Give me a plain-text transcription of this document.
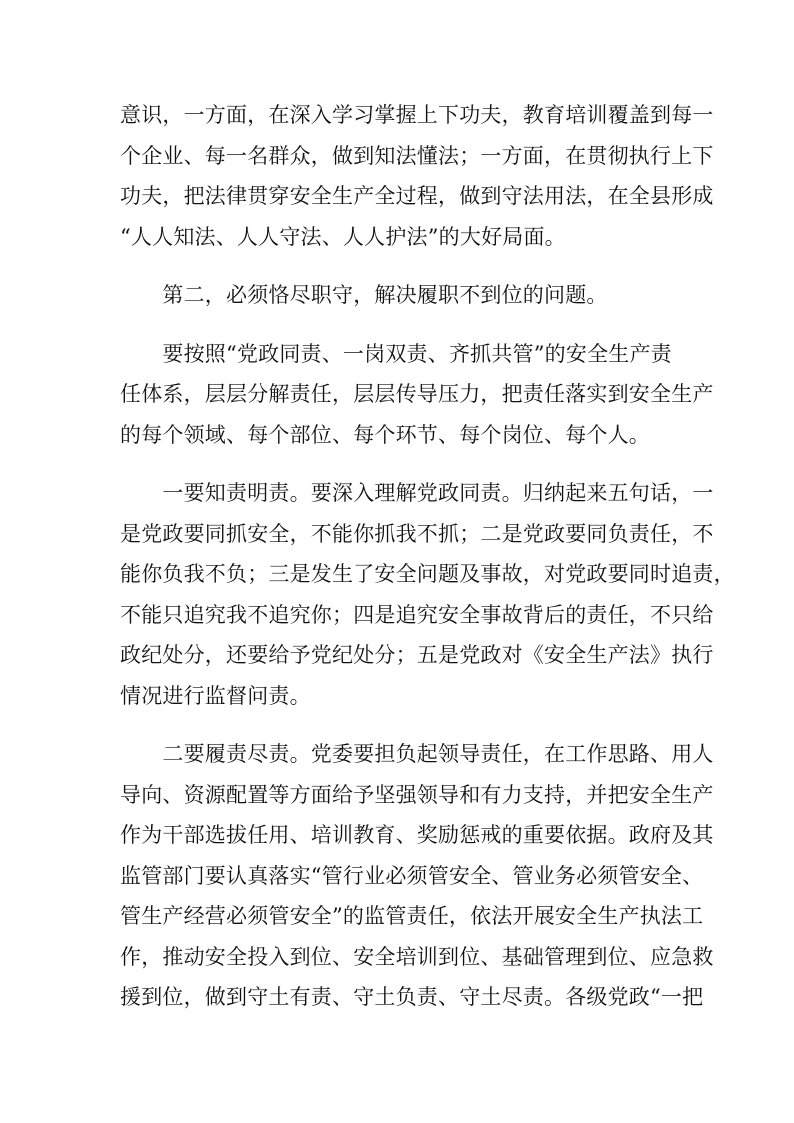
意识，一方面，在深入学习掌握上下功夫，教育培训覆盖到每一
个企业、每一名群众，做到知法懂法；一方面，在贯彻执行上下
功夫，把法律贯穿安全生产全过程，做到守法用法，在全县形成
“人人知法、人人守法、人人护法”的大好局面。
　　第二，必须恪尽职守，解决履职不到位的问题。
　　要按照“党政同责、一岗双责、齐抓共管”的安全生产责
任体系，层层分解责任，层层传导压力，把责任落实到安全生产
的每个领域、每个部位、每个环节、每个岗位、每个人。
　　一要知责明责。要深入理解党政同责。归纳起来五句话，一
是党政要同抓安全，不能你抓我不抓；二是党政要同负责任，不
能你负我不负；三是发生了安全问题及事故，对党政要同时追责，
不能只追究我不追究你；四是追究安全事故背后的责任，不只给
政纪处分，还要给予党纪处分；五是党政对《安全生产法》执行
情况进行监督问责。
　　二要履责尽责。党委要担负起领导责任，在工作思路、用人
导向、资源配置等方面给予坚强领导和有力支持，并把安全生产
作为干部选拔任用、培训教育、奖励惩戒的重要依据。政府及其
监管部门要认真落实“管行业必须管安全、管业务必须管安全、
管生产经营必须管安全”的监管责任，依法开展安全生产执法工
作，推动安全投入到位、安全培训到位、基础管理到位、应急救
援到位，做到守土有责、守土负责、守土尽责。各级党政“一把
